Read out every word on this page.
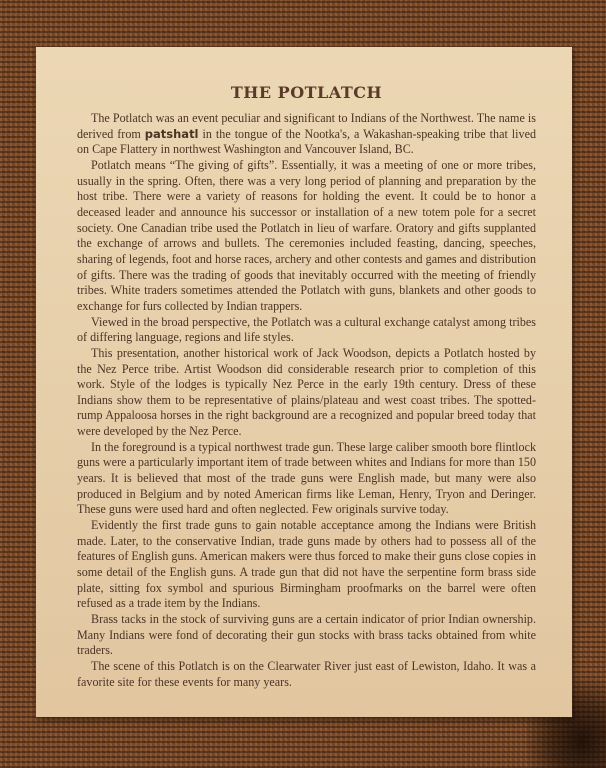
THE POTLATCH

The Potlatch was an event peculiar and significant to Indians of the Northwest. The name is derived from patshatl in the tongue of the Nootka's, a Wakashan-speaking tribe that lived on Cape Flattery in northwest Washington and Vancouver Island, BC.

Potlatch means “The giving of gifts”. Essentially, it was a meeting of one or more tribes, usually in the spring. Often, there was a very long period of planning and preparation by the host tribe. There were a variety of reasons for holding the event. It could be to honor a deceased leader and announce his successor or installation of a new totem pole for a secret society. One Canadian tribe used the Potlatch in lieu of warfare. Oratory and gifts supplanted the exchange of arrows and bullets. The ceremonies included feasting, dancing, speeches, sharing of legends, foot and horse races, archery and other contests and games and distribution of gifts. There was the trading of goods that inevitably occurred with the meeting of friendly tribes. White traders sometimes attended the Potlatch with guns, blankets and other goods to exchange for furs collected by Indian trappers.

Viewed in the broad perspective, the Potlatch was a cultural exchange catalyst among tribes of differing language, regions and life styles.

This presentation, another historical work of Jack Woodson, depicts a Potlatch hosted by the Nez Perce tribe. Artist Woodson did considerable research prior to completion of this work. Style of the lodges is typically Nez Perce in the early 19th century. Dress of these Indians show them to be representative of plains/plateau and west coast tribes. The spotted-rump Appaloosa horses in the right background are a recognized and popular breed today that were developed by the Nez Perce.

In the foreground is a typical northwest trade gun. These large caliber smooth bore flintlock guns were a particularly important item of trade between whites and Indians for more than 150 years. It is believed that most of the trade guns were English made, but many were also produced in Belgium and by noted American firms like Leman, Henry, Tryon and Deringer. These guns were used hard and often neglected. Few originals survive today.

Evidently the first trade guns to gain notable acceptance among the Indians were British made. Later, to the conservative Indian, trade guns made by others had to possess all of the features of English guns. American makers were thus forced to make their guns close copies in some detail of the English guns. A trade gun that did not have the serpentine form brass side plate, sitting fox symbol and spurious Birmingham proofmarks on the barrel were often refused as a trade item by the Indians.

Brass tacks in the stock of surviving guns are a certain indicator of prior Indian ownership. Many Indians were fond of decorating their gun stocks with brass tacks obtained from white traders.

The scene of this Potlatch is on the Clearwater River just east of Lewiston, Idaho. It was a favorite site for these events for many years.
